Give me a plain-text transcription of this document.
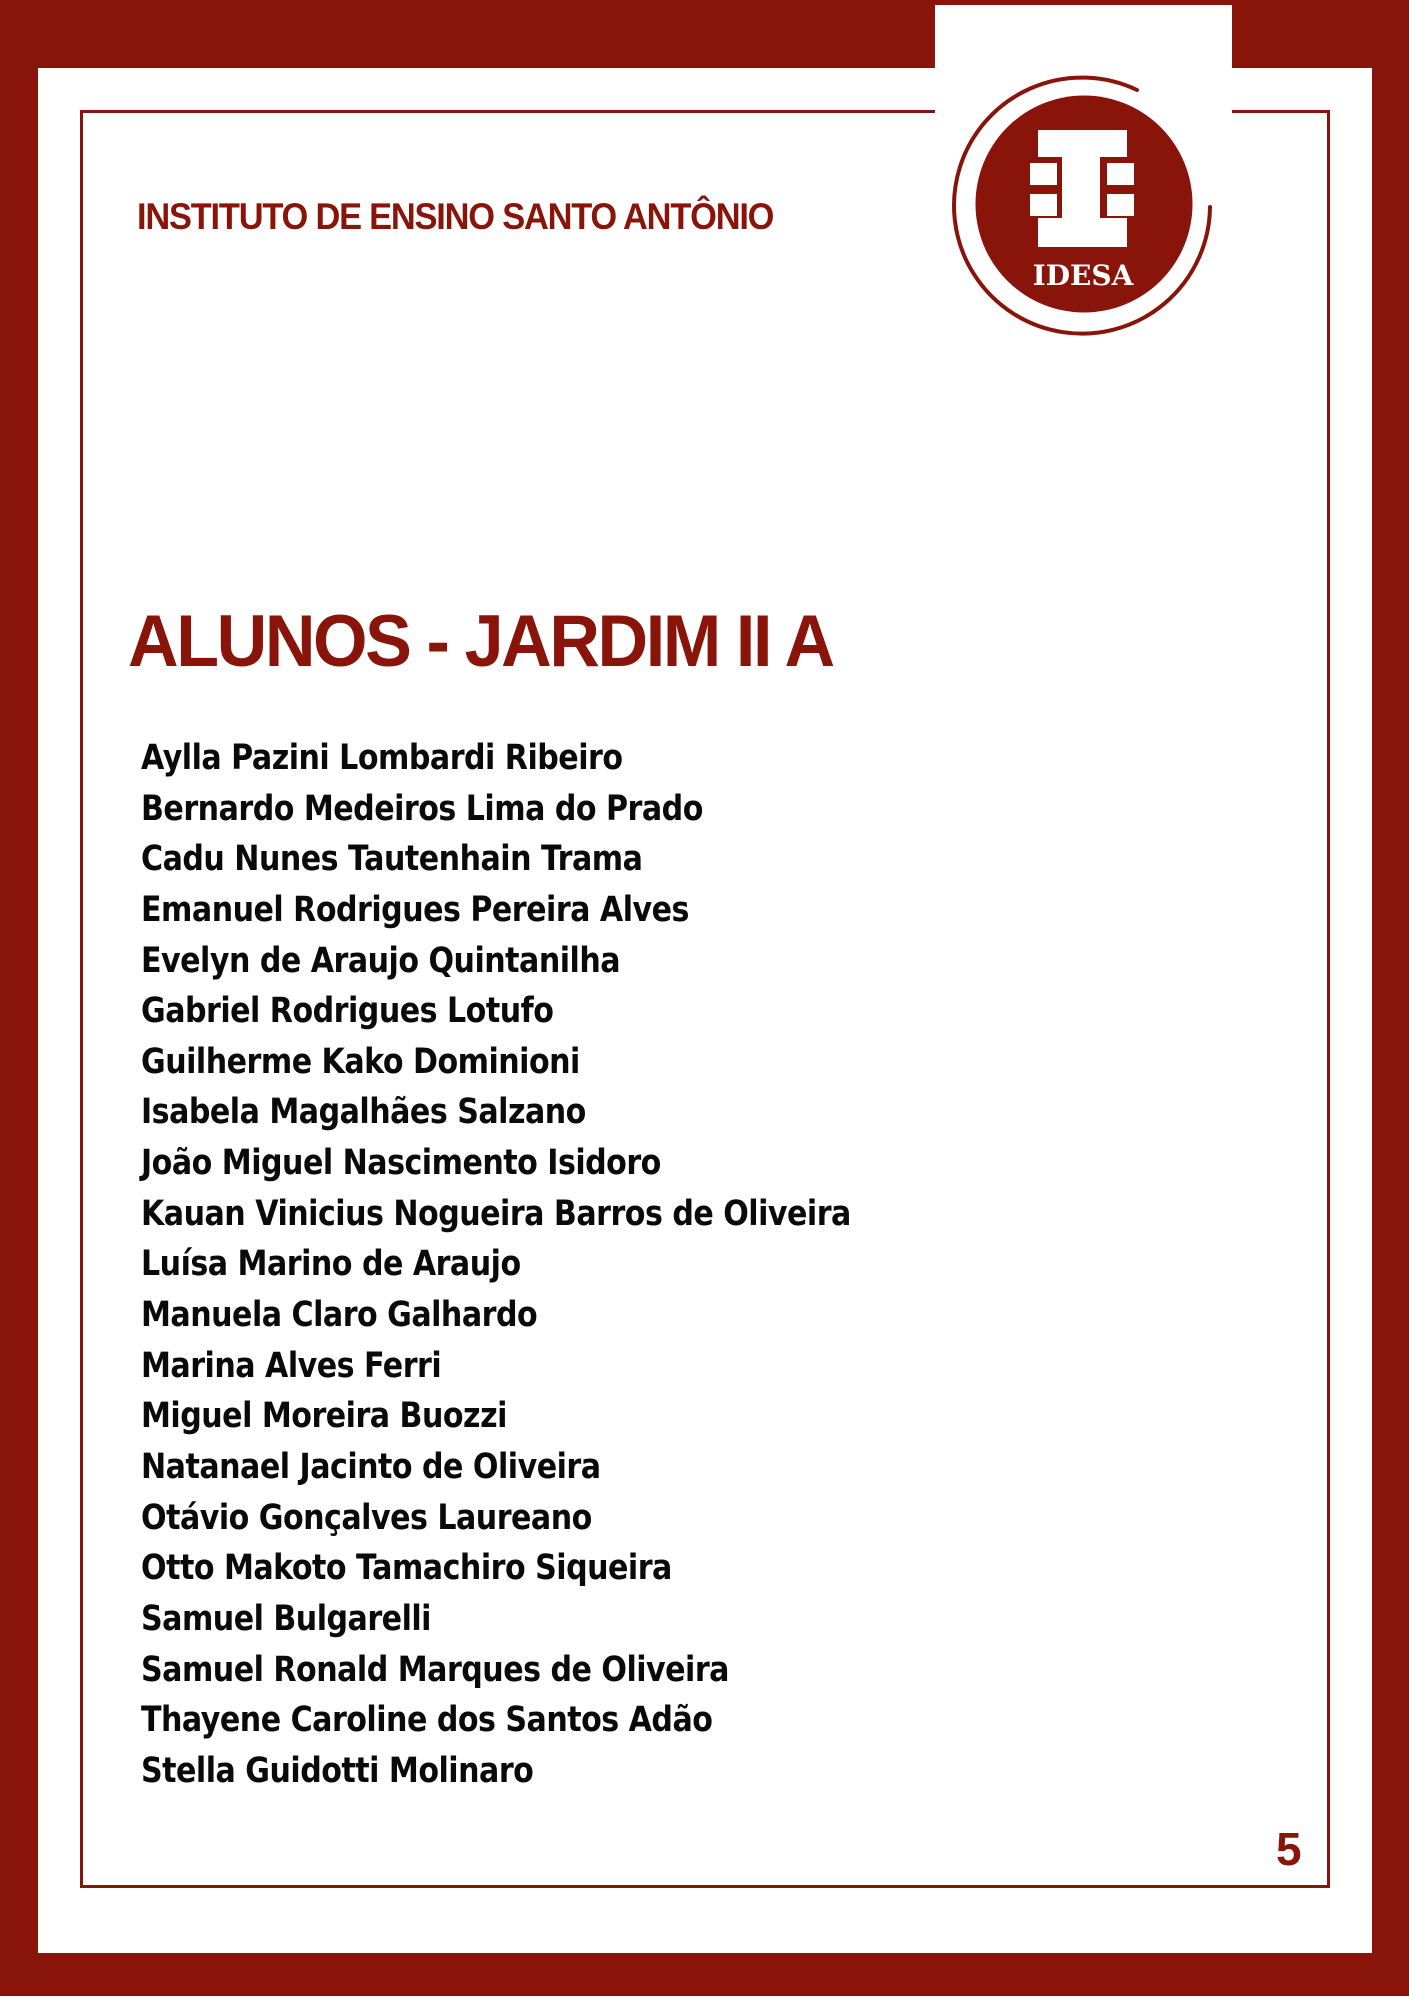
INSTITUTO DE ENSINO SANTO ANTÔNIO
IDESA
ALUNOS - JARDIM II A
Aylla Pazini Lombardi Ribeiro
Bernardo Medeiros Lima do Prado
Cadu Nunes Tautenhain Trama
Emanuel Rodrigues Pereira Alves
Evelyn de Araujo Quintanilha
Gabriel Rodrigues Lotufo
Guilherme Kako Dominioni
Isabela Magalhães Salzano
João Miguel Nascimento Isidoro
Kauan Vinicius Nogueira Barros de Oliveira
Luísa Marino de Araujo
Manuela Claro Galhardo
Marina Alves Ferri
Miguel Moreira Buozzi
Natanael Jacinto de Oliveira
Otávio Gonçalves Laureano
Otto Makoto Tamachiro Siqueira
Samuel Bulgarelli
Samuel Ronald Marques de Oliveira
Thayene Caroline dos Santos Adão
Stella Guidotti Molinaro
5
